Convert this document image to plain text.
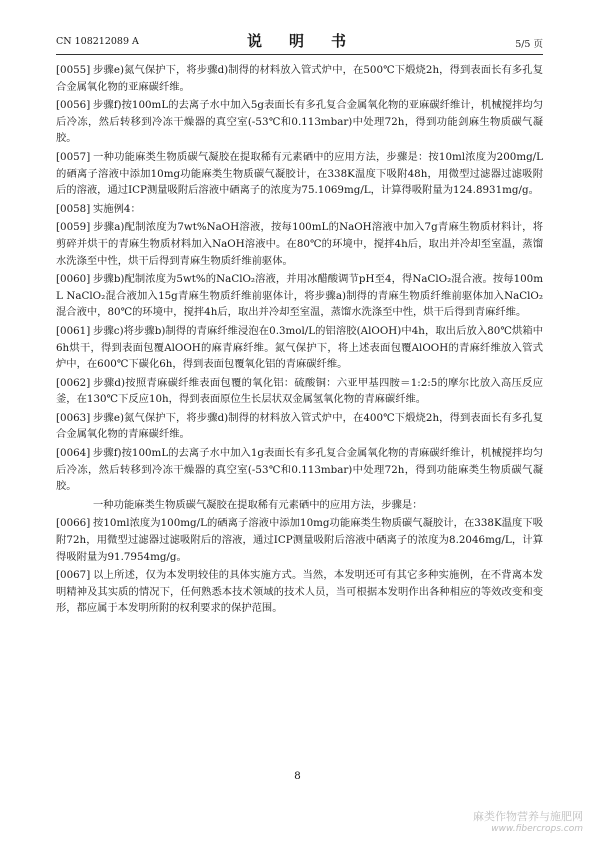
CN 108212089 A	说　明　书	5/5 页

[0055] 步骤e)氮气保护下，将步骤d)制得的材料放入管式炉中，在500℃下煅烧2h，得到表面长有多孔复合金属氧化物的亚麻碳纤维。

[0056] 步骤f)按100mL的去离子水中加入5g表面长有多孔复合金属氧化物的亚麻碳纤维计，机械搅拌均匀后冷冻，然后转移到冷冻干燥器的真空室(-53℃和0.113mbar)中处理72h，得到功能剑麻生物质碳气凝胶。

[0057] 一种功能麻类生物质碳气凝胶在提取稀有元素硒中的应用方法，步骤是：按10ml浓度为200mg/L的硒离子溶液中添加10mg功能麻类生物质碳气凝胶计，在338K温度下吸附48h，用微型过滤器过滤吸附后的溶液，通过ICP测量吸附后溶液中硒离子的浓度为75.1069mg/L，计算得吸附量为124.8931mg/g。

[0058] 实施例4：

[0059] 步骤a)配制浓度为7wt%NaOH溶液，按每100mL的NaOH溶液中加入7g青麻生物质材料计，将剪碎并烘干的青麻生物质材料加入NaOH溶液中。在80℃的环境中，搅拌4h后，取出并冷却至室温，蒸馏水洗涤至中性，烘干后得到青麻生物质纤维前驱体。

[0060] 步骤b)配制浓度为5wt%的NaClO₂溶液，并用冰醋酸调节pH至4，得NaClO₂混合液。按每100mL NaClO₂混合液加入15g青麻生物质纤维前驱体计，将步骤a)制得的青麻生物质纤维前驱体加入NaClO₂混合液中，80℃的环境中，搅拌4h后，取出并冷却至室温，蒸馏水洗涤至中性，烘干后得到青麻纤维。

[0061] 步骤c)将步骤b)制得的青麻纤维浸泡在0.3mol/L的铝溶胶(AlOOH)中4h，取出后放入80℃烘箱中6h烘干，得到表面包覆AlOOH的麻青麻纤维。氮气保护下，将上述表面包覆AlOOH的青麻纤维放入管式炉中，在600℃下碳化6h，得到表面包覆氧化铝的青麻碳纤维。

[0062] 步骤d)按照青麻碳纤维表面包覆的氧化铝：硫酸铜：六亚甲基四胺＝1:2:5的摩尔比放入高压反应釜，在130℃下反应10h，得到表面原位生长层状双金属氢氧化物的青麻碳纤维。

[0063] 步骤e)氮气保护下，将步骤d)制得的材料放入管式炉中，在400℃下煅烧2h，得到表面长有多孔复合金属氧化物的青麻碳纤维。

[0064] 步骤f)按100mL的去离子水中加入1g表面长有多孔复合金属氧化物的青麻碳纤维计，机械搅拌均匀后冷冻，然后转移到冷冻干燥器的真空室(-53℃和0.113mbar)中处理72h，得到功能麻类生物质碳气凝胶。

一种功能麻类生物质碳气凝胶在提取稀有元素硒中的应用方法，步骤是：

[0066] 按10ml浓度为100mg/L的硒离子溶液中添加10mg功能麻类生物质碳气凝胶计，在338K温度下吸附72h，用微型过滤器过滤吸附后的溶液，通过ICP测量吸附后溶液中硒离子的浓度为8.2046mg/L，计算得吸附量为91.7954mg/g。

[0067] 以上所述，仅为本发明较佳的具体实施方式。当然，本发明还可有其它多种实施例，在不背离本发明精神及其实质的情况下，任何熟悉本技术领域的技术人员，当可根据本发明作出各种相应的等效改变和变形，都应属于本发明所附的权利要求的保护范围。

8
麻类作物营养与施肥网
www.fibercrops.com
